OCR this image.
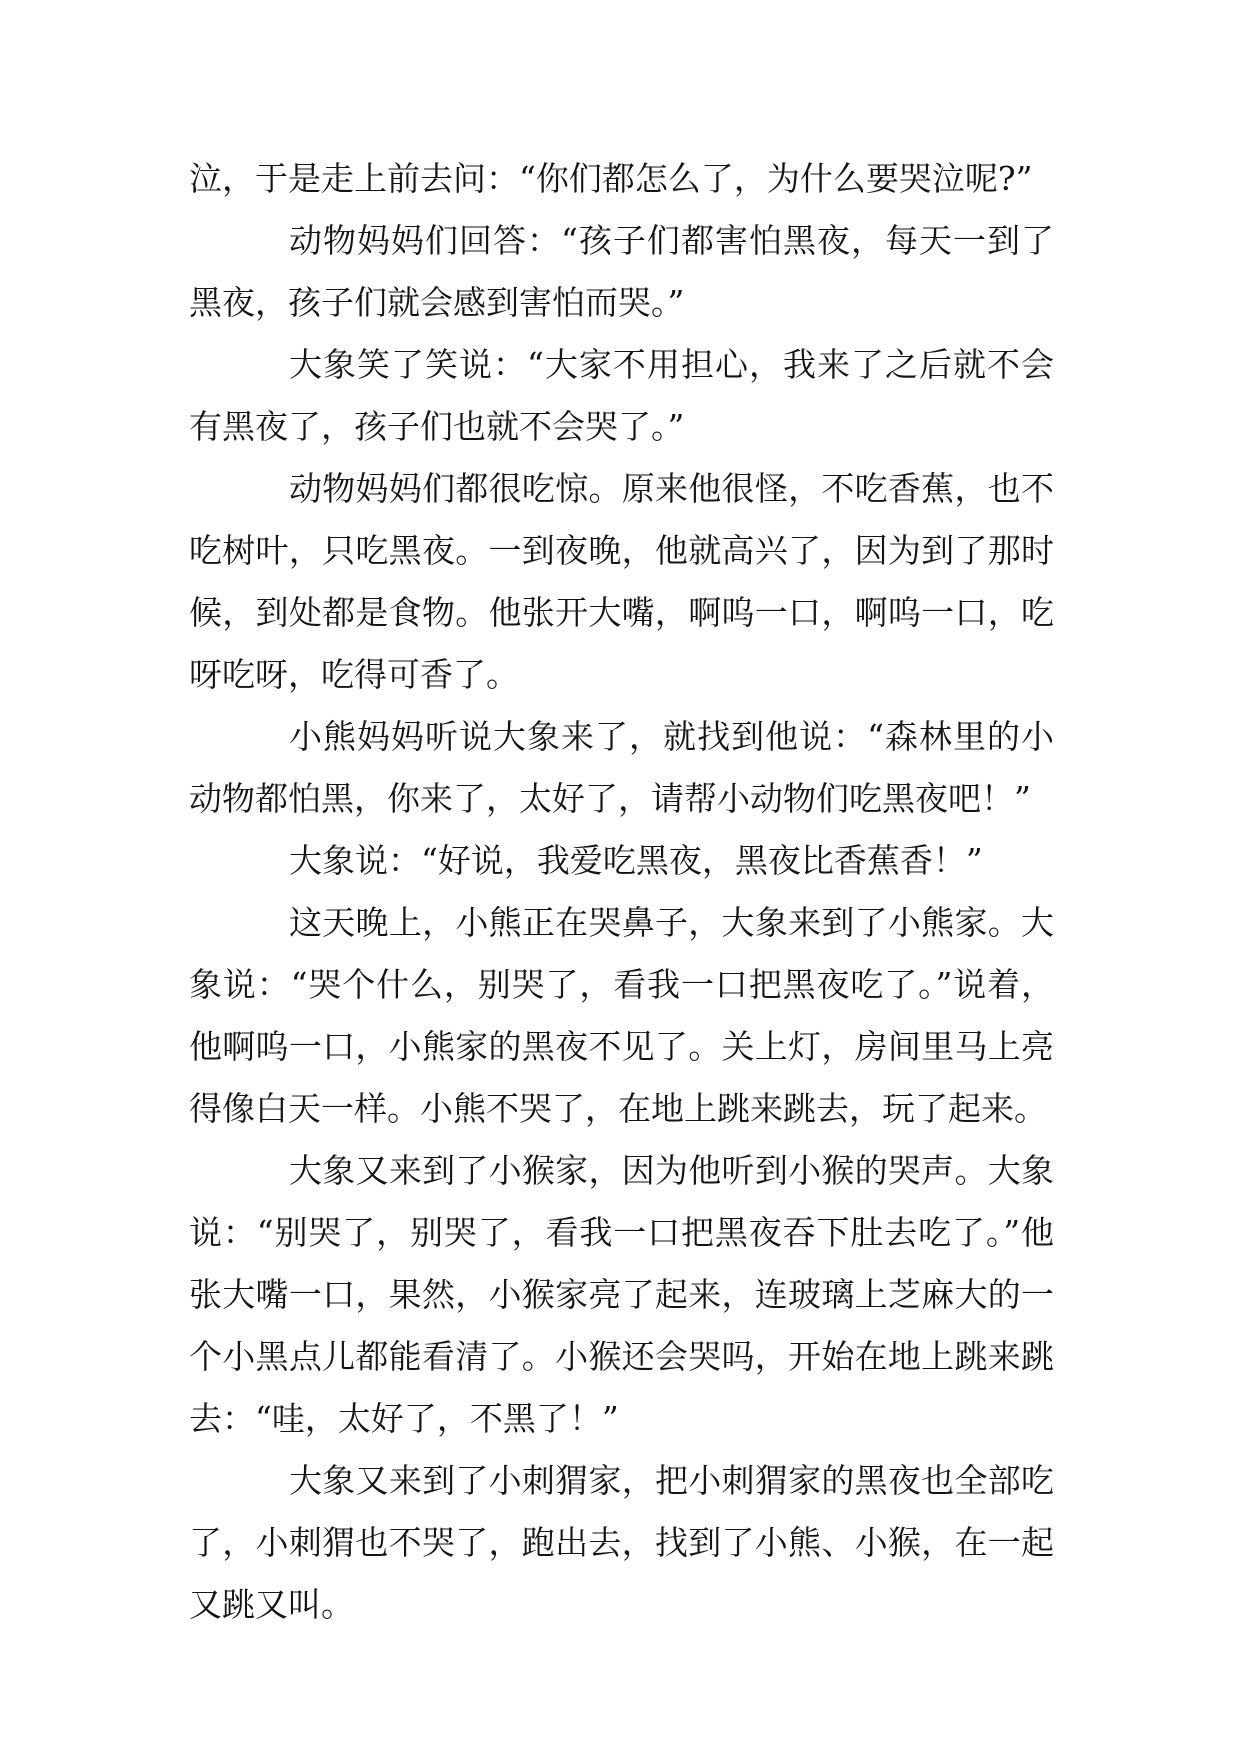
泣，于是走上前去问：“你们都怎么了，为什么要哭泣呢?”
动物妈妈们回答：“孩子们都害怕黑夜，每天一到了
黑夜，孩子们就会感到害怕而哭。”
大象笑了笑说：“大家不用担心，我来了之后就不会
有黑夜了，孩子们也就不会哭了。”
动物妈妈们都很吃惊。原来他很怪，不吃香蕉，也不
吃树叶，只吃黑夜。一到夜晚，他就高兴了，因为到了那时
候，到处都是食物。他张开大嘴，啊呜一口，啊呜一口，吃
呀吃呀，吃得可香了。
小熊妈妈听说大象来了，就找到他说：“森林里的小
动物都怕黑，你来了，太好了，请帮小动物们吃黑夜吧！”
大象说：“好说，我爱吃黑夜，黑夜比香蕉香！”
这天晚上，小熊正在哭鼻子，大象来到了小熊家。大
象说：“哭个什么，别哭了，看我一口把黑夜吃了。”说着，
他啊呜一口，小熊家的黑夜不见了。关上灯，房间里马上亮
得像白天一样。小熊不哭了，在地上跳来跳去，玩了起来。
大象又来到了小猴家，因为他听到小猴的哭声。大象
说：“别哭了，别哭了，看我一口把黑夜吞下肚去吃了。”他
张大嘴一口，果然，小猴家亮了起来，连玻璃上芝麻大的一
个小黑点儿都能看清了。小猴还会哭吗，开始在地上跳来跳
去：“哇，太好了，不黑了！”
大象又来到了小刺猬家，把小刺猬家的黑夜也全部吃
了，小刺猬也不哭了，跑出去，找到了小熊、小猴，在一起
又跳又叫。
